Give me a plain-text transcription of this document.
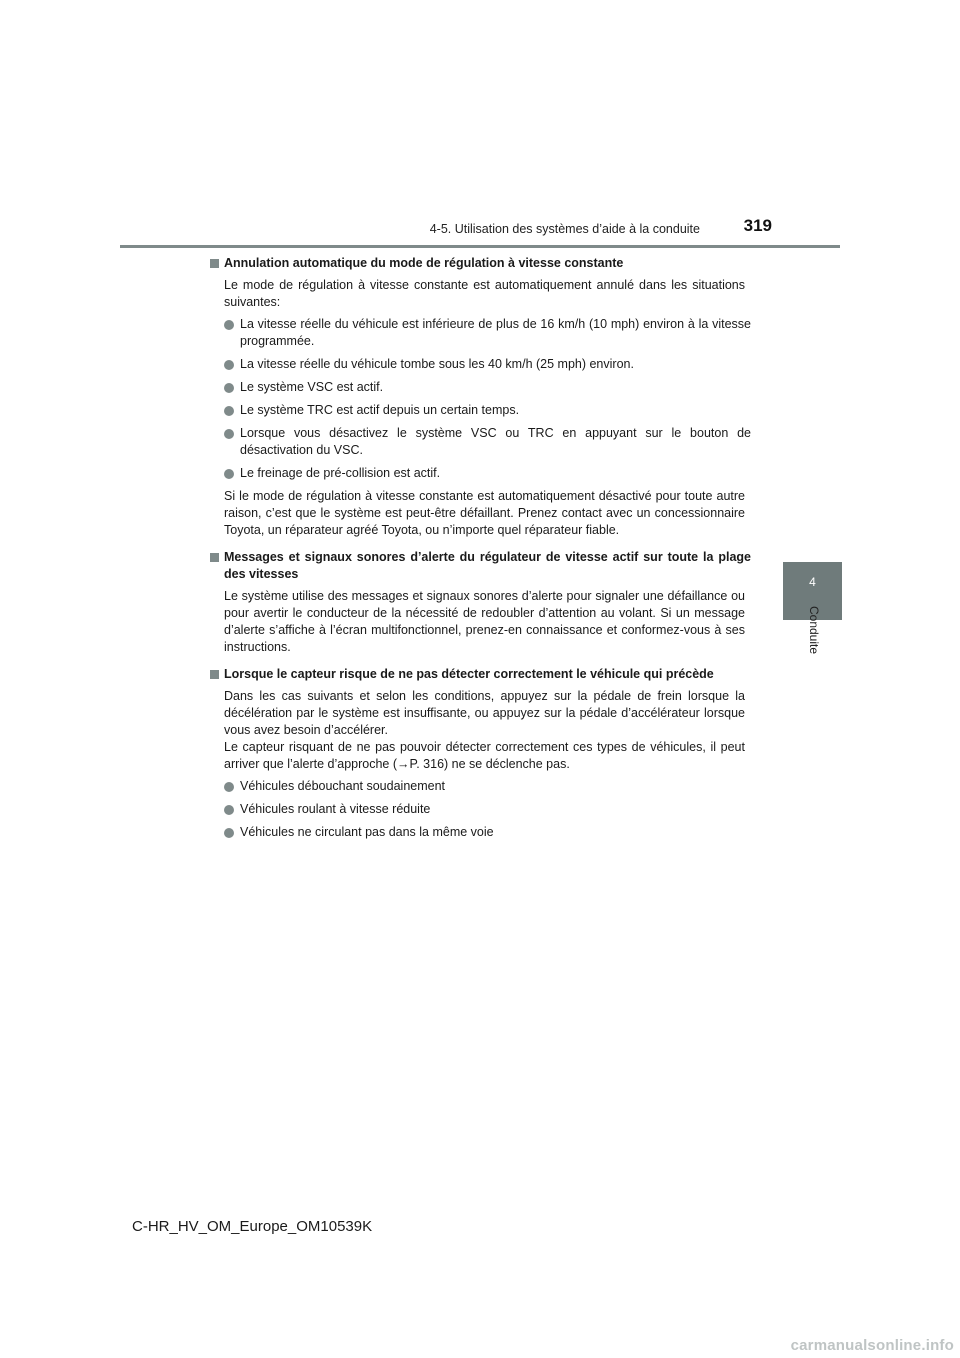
4-5. Utilisation des systèmes d’aide à la conduite	319
4
Conduite
Annulation automatique du mode de régulation à vitesse constante
Le mode de régulation à vitesse constante est automatiquement annulé dans les situations suivantes:
La vitesse réelle du véhicule est inférieure de plus de 16 km/h (10 mph) environ à la vitesse programmée.
La vitesse réelle du véhicule tombe sous les 40 km/h (25 mph) environ.
Le système VSC est actif.
Le système TRC est actif depuis un certain temps.
Lorsque vous désactivez le système VSC ou TRC en appuyant sur le bouton de désactivation du VSC.
Le freinage de pré-collision est actif.
Si le mode de régulation à vitesse constante est automatiquement désactivé pour toute autre raison, c’est que le système est peut-être défaillant. Prenez contact avec un concessionnaire Toyota, un réparateur agréé Toyota, ou n’importe quel réparateur fiable.
Messages et signaux sonores d’alerte du régulateur de vitesse actif sur toute la plage des vitesses
Le système utilise des messages et signaux sonores d’alerte pour signaler une défaillance ou pour avertir le conducteur de la nécessité de redoubler d’attention au volant. Si un message d’alerte s’affiche à l’écran multifonctionnel, prenez-en connaissance et conformez-vous à ses instructions.
Lorsque le capteur risque de ne pas détecter correctement le véhicule qui précède
Dans les cas suivants et selon les conditions, appuyez sur la pédale de frein lorsque la décélération par le système est insuffisante, ou appuyez sur la pédale d’accélérateur lorsque vous avez besoin d’accélérer.
Le capteur risquant de ne pas pouvoir détecter correctement ces types de véhicules, il peut arriver que l’alerte d’approche (→P. 316) ne se déclenche pas.
Véhicules débouchant soudainement
Véhicules roulant à vitesse réduite
Véhicules ne circulant pas dans la même voie
C-HR_HV_OM_Europe_OM10539K
carmanualsonline.info
